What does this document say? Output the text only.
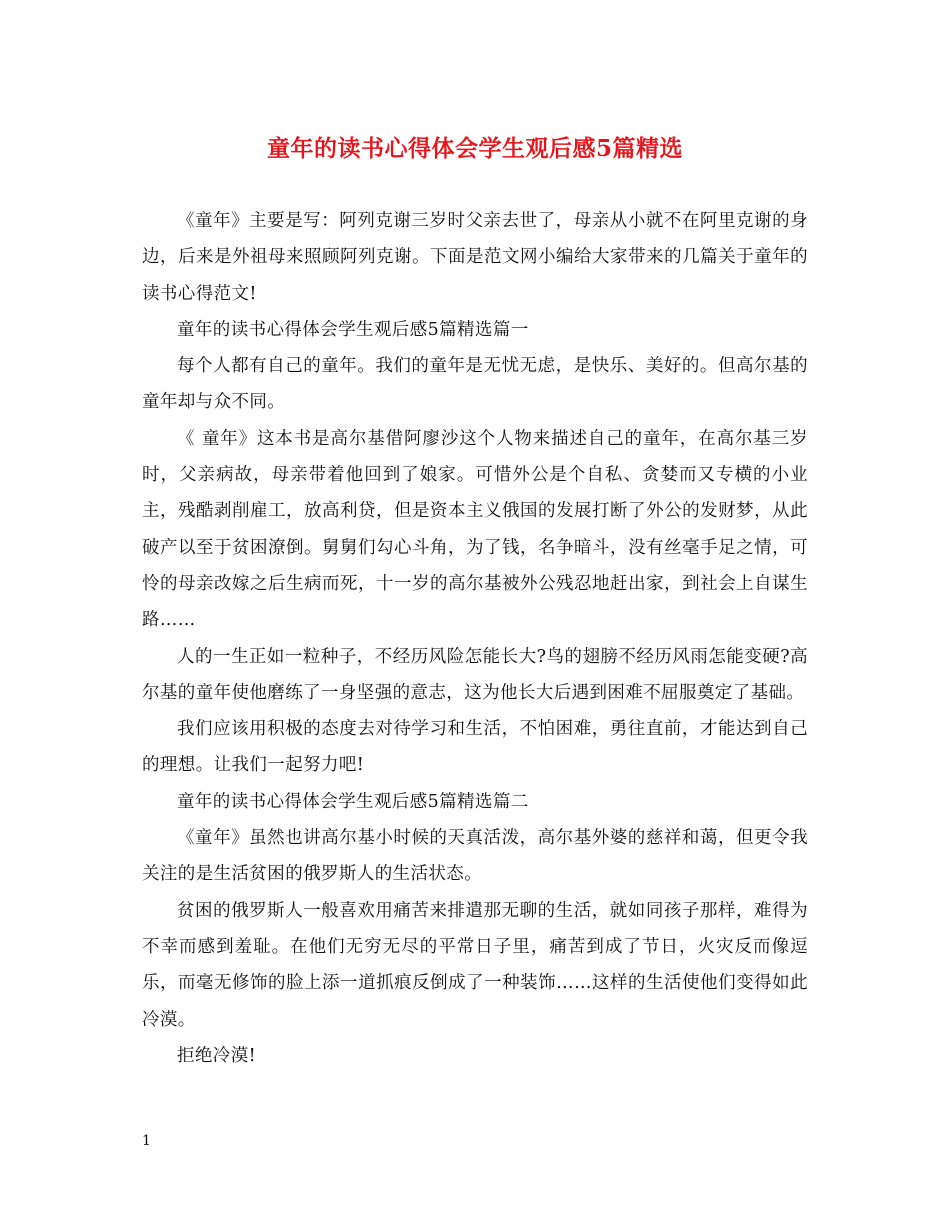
童年的读书心得体会学生观后感5篇精选

《童年》主要是写：阿列克谢三岁时父亲去世了，母亲从小就不在阿里克谢的身边，后来是外祖母来照顾阿列克谢。下面是范文网小编给大家带来的几篇关于童年的读书心得范文!

童年的读书心得体会学生观后感5篇精选篇一

每个人都有自己的童年。我们的童年是无忧无虑，是快乐、美好的。但高尔基的童年却与众不同。

《 童年》这本书是高尔基借阿廖沙这个人物来描述自己的童年，在高尔基三岁时，父亲病故，母亲带着他回到了娘家。可惜外公是个自私、贪婪而又专横的小业主，残酷剥削雇工，放高利贷，但是资本主义俄国的发展打断了外公的发财梦，从此破产以至于贫困潦倒。舅舅们勾心斗角，为了钱，名争暗斗，没有丝毫手足之情，可怜的母亲改嫁之后生病而死，十一岁的高尔基被外公残忍地赶出家，到社会上自谋生路……

人的一生正如一粒种子，不经历风险怎能长大?鸟的翅膀不经历风雨怎能变硬?高尔基的童年使他磨练了一身坚强的意志，这为他长大后遇到困难不屈服奠定了基础。

我们应该用积极的态度去对待学习和生活，不怕困难，勇往直前，才能达到自己的理想。让我们一起努力吧!

童年的读书心得体会学生观后感5篇精选篇二

《童年》虽然也讲高尔基小时候的天真活泼，高尔基外婆的慈祥和蔼，但更令我关注的是生活贫困的俄罗斯人的生活状态。

贫困的俄罗斯人一般喜欢用痛苦来排遣那无聊的生活，就如同孩子那样，难得为不幸而感到羞耻。在他们无穷无尽的平常日子里，痛苦到成了节日，火灾反而像逗乐，而毫无修饰的脸上添一道抓痕反倒成了一种装饰……这样的生活使他们变得如此冷漠。

拒绝冷漠!

1
